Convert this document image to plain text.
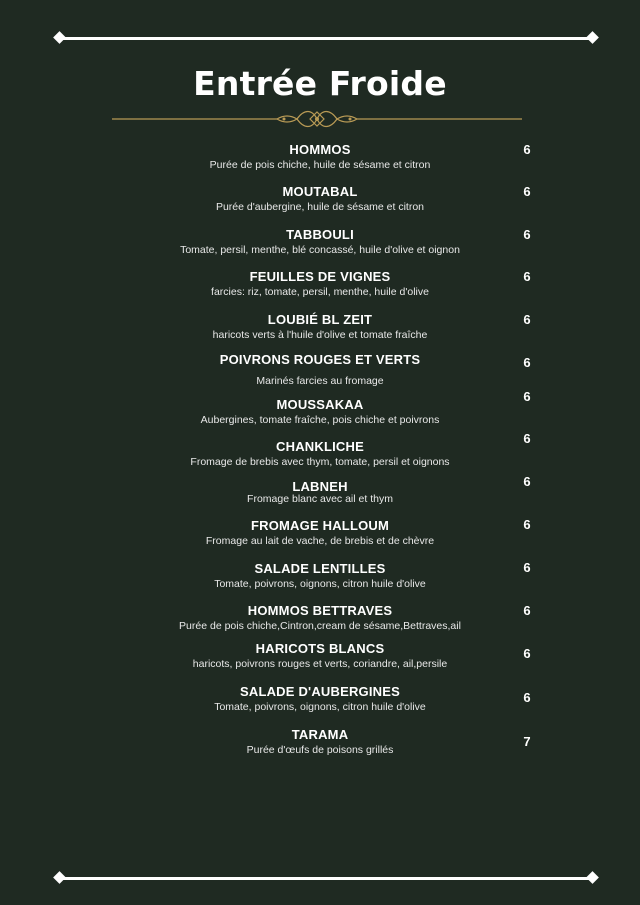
Entrée Froide
HOMMOS
Purée de pois chiche, huile de sésame et citron
6
MOUTABAL
Purée d'aubergine, huile de sésame et citron
6
TABBOULI
Tomate, persil, menthe, blé concassé, huile d'olive et oignon
6
FEUILLES DE VIGNES
farcies: riz, tomate, persil, menthe, huile d'olive
6
LOUBIÉ BL ZEIT
haricots verts à l'huile d'olive et tomate fraîche
6
POIVRONS ROUGES ET VERTS
Marinés farcies au fromage
6
MOUSSAKAA
Aubergines, tomate fraîche, pois chiche et poivrons
6
CHANKLICHE
Fromage de brebis avec thym, tomate, persil et oignons
6
LABNEH
Fromage blanc avec ail et thym
6
FROMAGE HALLOUM
Fromage au lait de vache, de brebis et de chèvre
6
SALADE LENTILLES
Tomate, poivrons, oignons, citron huile d'olive
6
HOMMOS BETTRAVES
Purée de pois chiche,Cintron,cream de sésame,Bettraves,ail
6
HARICOTS BLANCS
haricots, poivrons rouges et verts, coriandre, ail,persile
6
SALADE D'AUBERGINES
Tomate, poivrons, oignons, citron huile d'olive
6
TARAMA
Purée d'œufs de poisons grillés
7
